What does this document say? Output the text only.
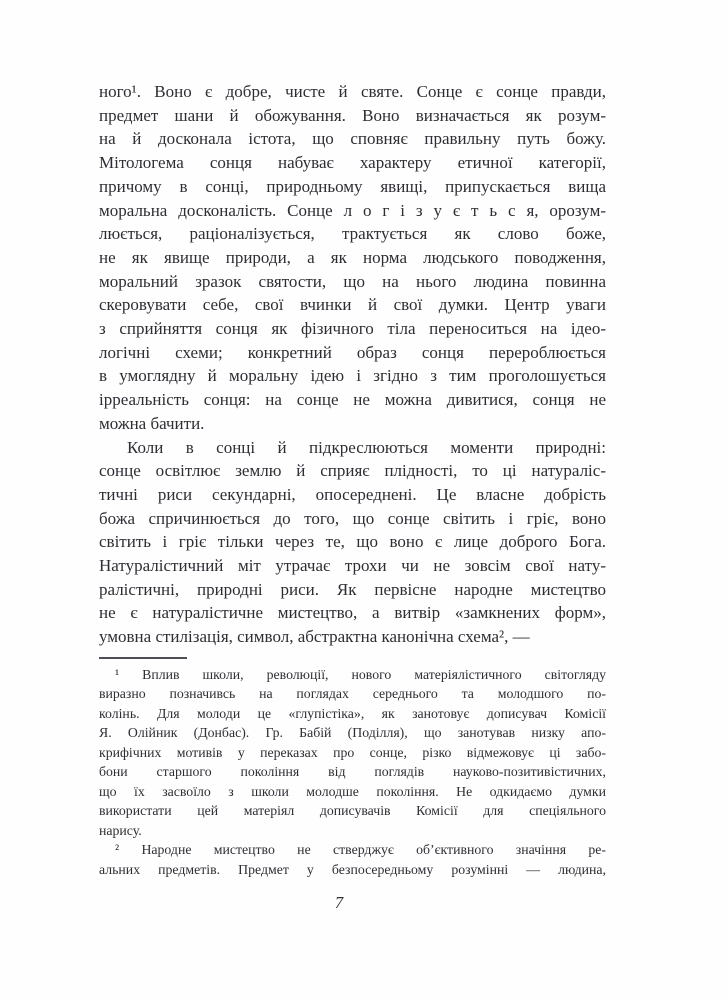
ного¹. Воно є добре, чисте й святе. Сонце є сонце правди,
предмет шани й обожування. Воно визначається як розум-
на й досконала істота, що сповняє правильну путь божу.
Мітологема сонця набуває характеру етичної категорії,
причому в сонці, природньому явищі, припускається вища
моральна досконалість. Сонце л о г і з у є т ь с я, орозум-
люється, раціоналізується, трактується як слово боже,
не як явище природи, а як норма людського поводження,
моральний зразок святости, що на нього людина повинна
скеровувати себе, свої вчинки й свої думки. Центр уваги
з сприйняття сонця як фізичного тіла переноситься на ідео-
логічні схеми; конкретний образ сонця перероблюється
в умоглядну й моральну ідею і згідно з тим проголошується
ірреальність сонця: на сонце не можна дивитися, сонця не
можна бачити.
Коли в сонці й підкреслюються моменти природні:
сонце освітлює землю й сприяє плідності, то ці натураліс-
тичні риси секундарні, опосереднені. Це власне добрість
божа спричинюється до того, що сонце світить і гріє, воно
світить і гріє тільки через те, що воно є лице доброго Бога.
Натуралістичний міт утрачає трохи чи не зовсім свої нату-
ралістичні, природні риси. Як первісне народне мистецтво
не є натуралістичне мистецтво, а витвір «замкнених форм»,
умовна стилізація, символ, абстрактна канонічна схема², —
¹ Вплив школи, революції, нового матеріялістичного світогляду
виразно позначивсь на поглядах середнього та молодшого по-
колінь. Для молоди це «глупістіка», як занотовує дописувач Комісії
Я. Олійник (Донбас). Гр. Бабій (Поділля), що занотував низку апо-
крифічних мотивів у переказах про сонце, різко відмежовує ці забо-
бони старшого покоління від поглядів науково-позитивістичних,
що їх засвоїло з школи молодше покоління. Не одкидаємо думки
використати цей матеріял дописувачів Комісії для спеціяльного
нарису.
² Народне мистецтво не стверджує об’єктивного значіння ре-
альних предметів. Предмет у безпосередньому розумінні — людина,
7
